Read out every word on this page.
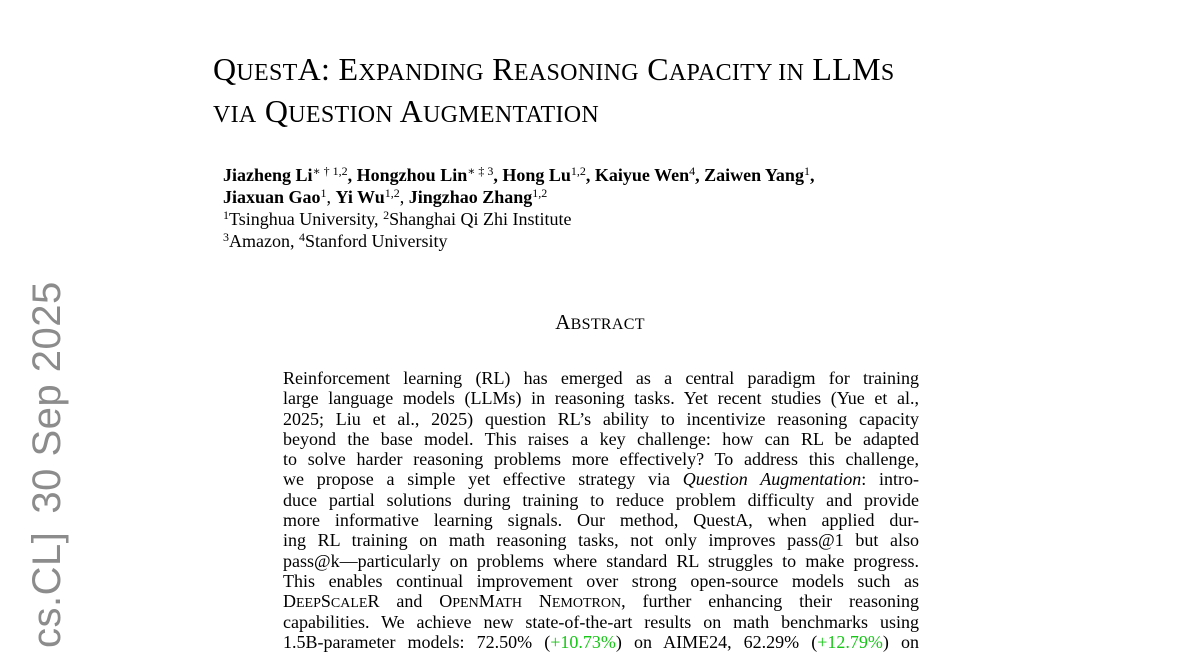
cs.CL]30 Sep 2025
QUESTA: EXPANDING REASONING CAPACITY IN LLMS
VIA QUESTION AUGMENTATION
Jiazheng $Li^{∗ \dagger 1,2}$, Hongzhou Lin$^{∗ \ddagger 3}$, Hong Lu$^{1,2}$, Kaiyue Wen$^4$, Zaiwen Yang$^1$,
Jiaxuan Gao$^1$, Yi Wu$^{1,2}$, Jingzhao Zhang$^{1,2}$
$^1$Tsinghua University, $^2$Shanghai Qi Zhi Institute
$^3$Amazon, $^4$Stanford University
ABSTRACT
Reinforcement learning (RL) has emerged as a central paradigm for training
large language models (LLMs) in reasoning tasks. Yet recent studies (Yue et al.,
2025; Liu et al., 2025) question RL’s ability to incentivize reasoning capacity
beyond the base model. This raises a key challenge: how can RL be adapted
to solve harder reasoning problems more effectively? To address this challenge,
we propose a simple yet effective strategy via Question Augmentation: intro-
duce partial solutions during training to reduce problem difficulty and provide
more informative learning signals. Our method, QuestA, when applied dur-
ing RL training on math reasoning tasks, not only improves pass@1 but also
pass@k—particularly on problems where standard RL struggles to make progress.
This enables continual improvement over strong open-source models such as
DEEPSCALER and OPENMATH NEMOTRON, further enhancing their reasoning
capabilities. We achieve new state-of-the-art results on math benchmarks using
1.5B-parameter models: 72.50% (+10.73%) on AIME24, 62.29% (+12.79%) on
